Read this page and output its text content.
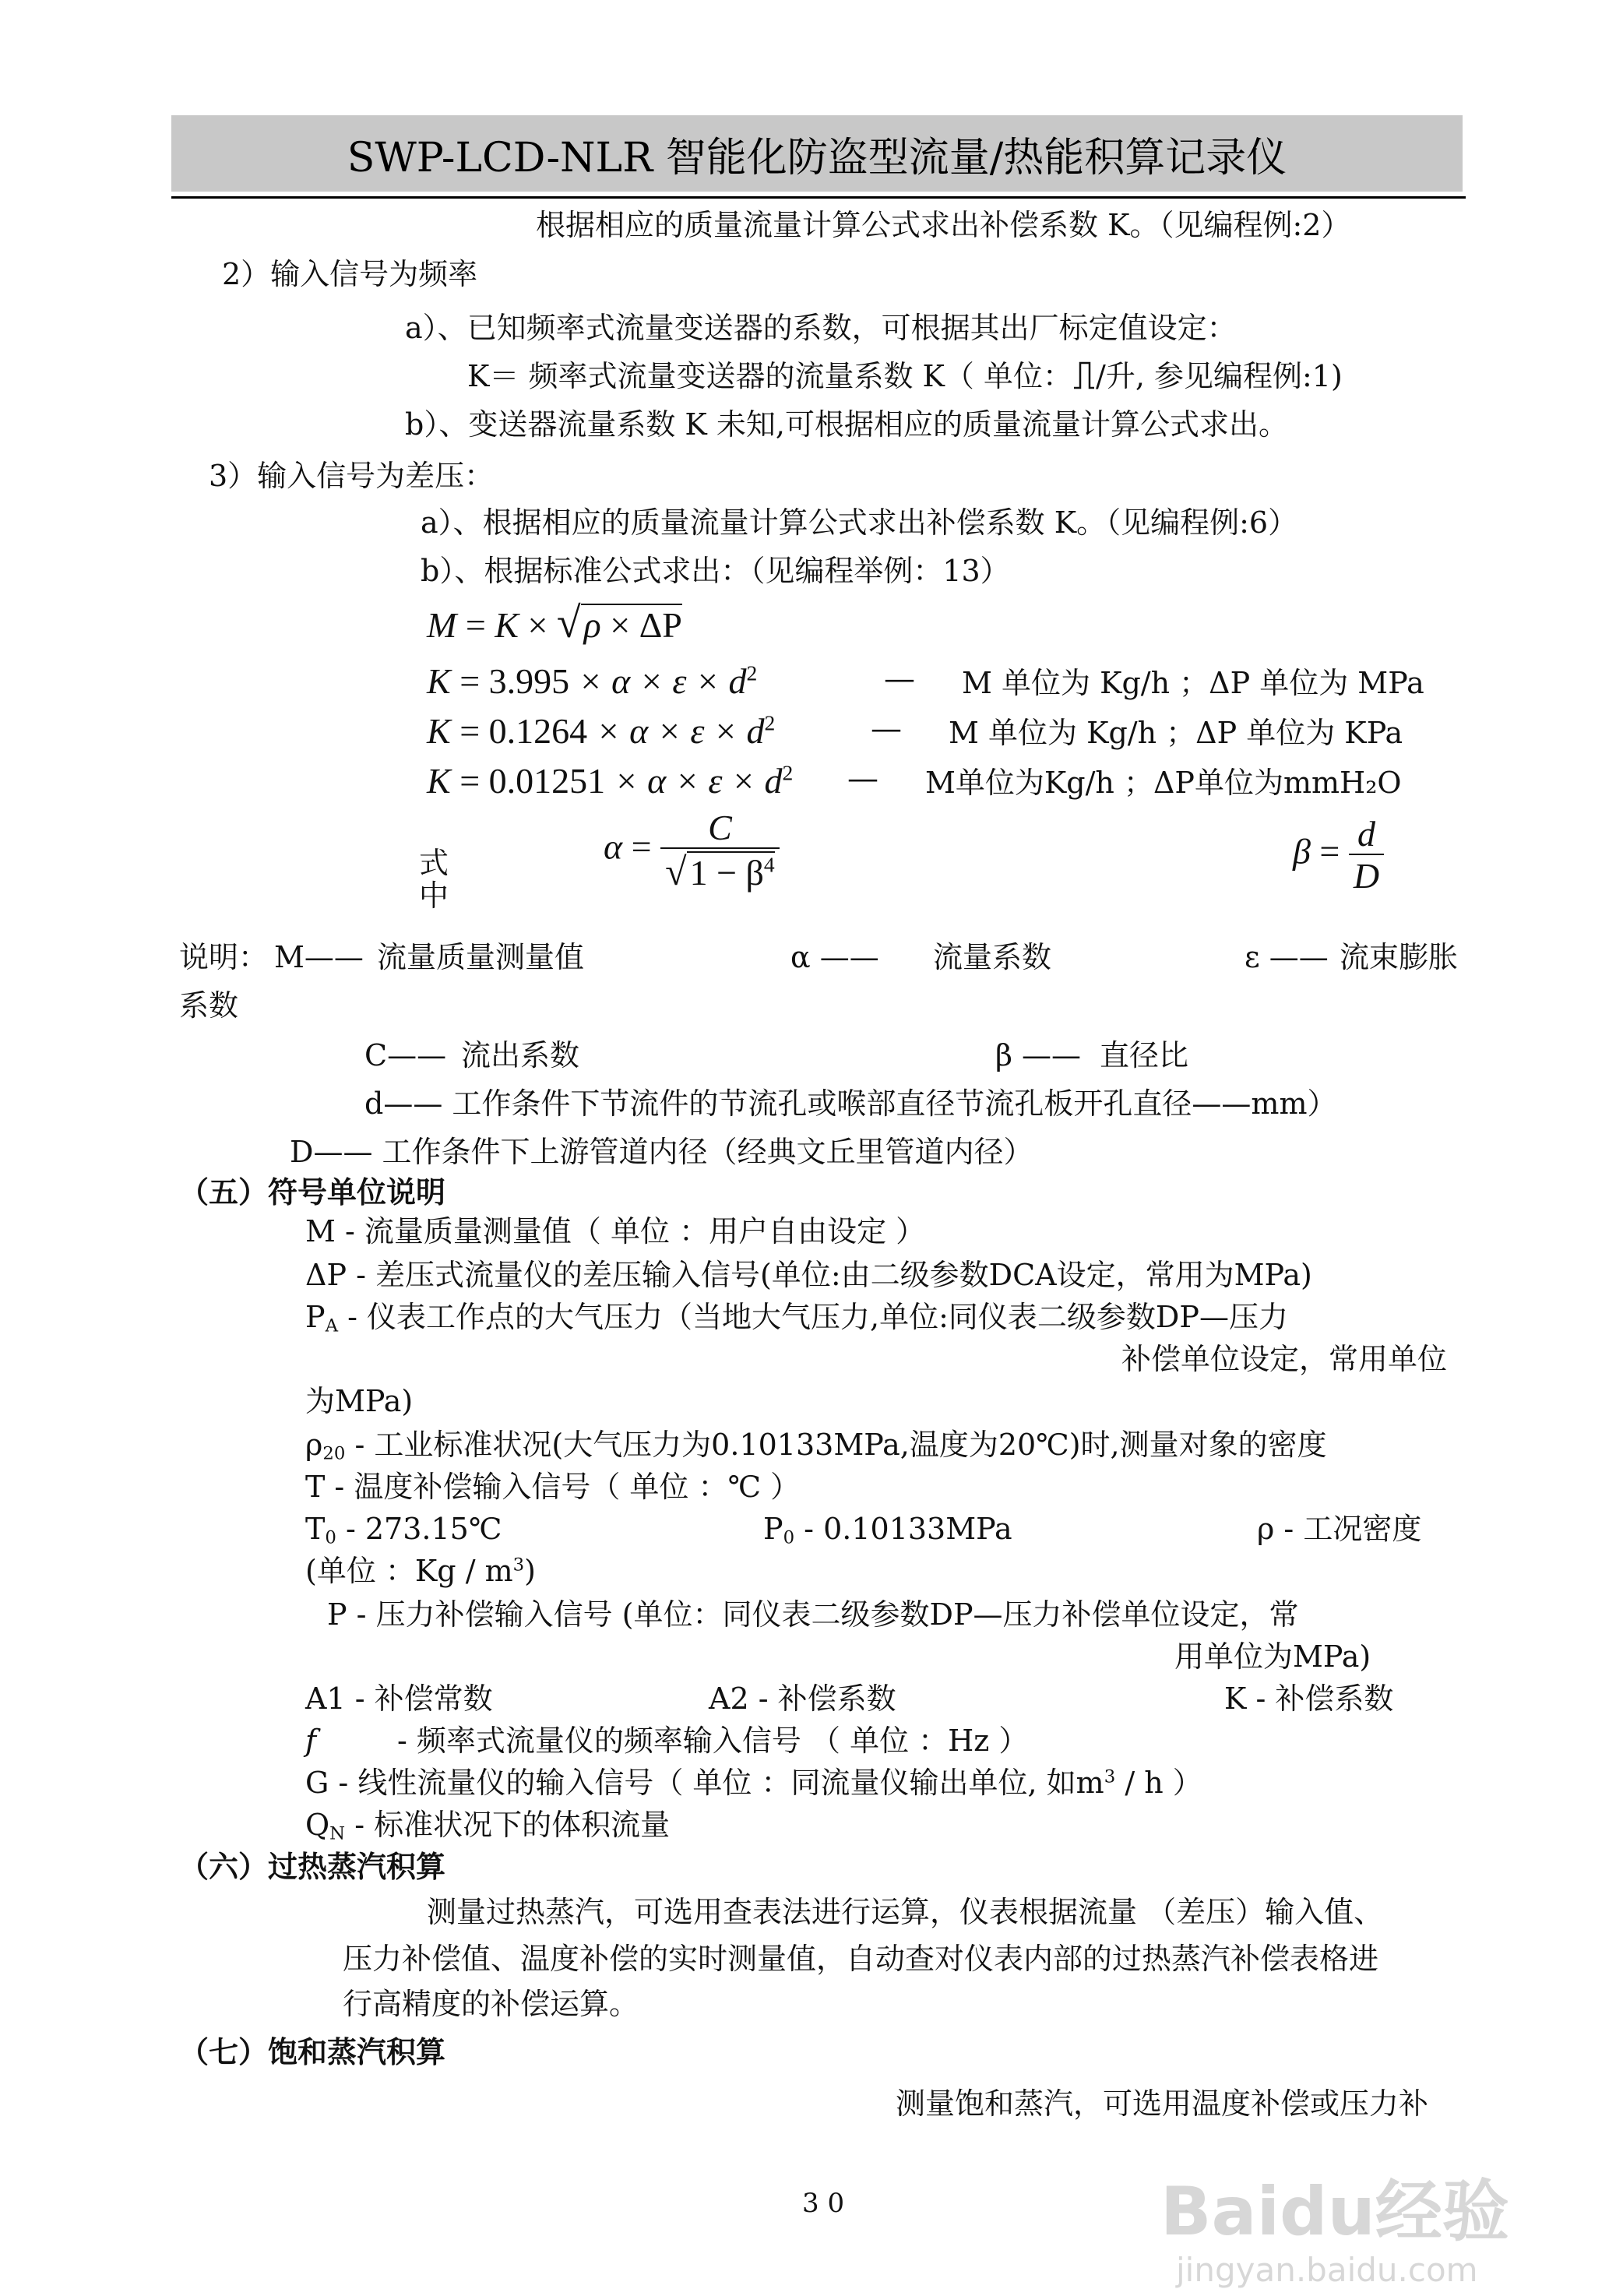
SWP-LCD-NLR 智能化防盗型流量/热能积算记录仪
根据相应的质量流量计算公式求出补偿系数 K。（见编程例:2）
2）输入信号为频率
a）、已知频率式流量变送器的系数，可根据其出厂标定值设定：
K＝ 频率式流量变送器的流量系数 K（ 单位： /升, 参见编程例:1)
b）、变送器流量系数 K 未知,可根据相应的质量流量计算公式求出。
3）输入信号为差压：
a）、根据相应的质量流量计算公式求出补偿系数 K。（见编程例:6）
b）、根据标准公式求出：（见编程举例：13）
M = K × √ρ × ΔP
$K = 3.995 \times \alpha \times \varepsilon \times d^2$	— M 单位为 Kg/h ；ΔP 单位为 MPa
$K = 0.1264 \times \alpha \times \varepsilon \times d^2$	— M 单位为 Kg/h ；ΔP 单位为 KPa
$K = 0.01251 \times \alpha \times \varepsilon \times d^2$ — M单位为Kg/h ；ΔP单位为mmH₂O
式
中
$\alpha = \frac{C}{√1 - \beta^4}$	$\beta = \frac{d}{D}$
说明： M—— 流量质量测量值	α —— 流量系数	ε —— 流束膨胀
系数
C—— 流出系数	β —— 直径比
d—— 工作条件下节流件的节流孔或喉部直径节流孔板开孔直径——mm）
D—— 工作条件下上游管道内径（经典文丘里管道内径）
（五）符号单位说明
M - 流量质量测量值（ 单位 ：用户自由设定 ）
ΔP - 差压式流量仪的差压输入信号(单位:由二级参数DCA设定，常用为MPa)
$P_A$ - 仪表工作点的大气压力（当地大气压力,单位:同仪表二级参数DP—压力
补偿单位设定，常用单位
为MPa)
$\rho_{20}$ - 工业标准状况(大气压力为0.10133MPa,温度为20℃)时,测量对象的密度
T - 温度补偿输入信号（ 单位 ：℃ ）
$T_0$ - 273.15℃	$P_0 - 0.10133MPa$	ρ - 工况密度
(单位 ：Kg / $m^3$)
P - 压力补偿输入信号 (单位：同仪表二级参数DP—压力补偿单位设定，常
用单位为MPa)
A1 - 补偿常数	A2 - 补偿系数	K - 补偿系数
f	- 频率式流量仪的频率输入信号 （ 单位 ：Hz ）
G - 线性流量仪的输入信号（ 单位 ：同流量仪输出单位, 如$m^3$ / h ）
$Q_N$ - 标准状况下的体积流量
（六）过热蒸汽积算
测量过热蒸汽，可选用查表法进行运算，仪表根据流量 （差压）输入值、
压力补偿值、温度补偿的实时测量值，自动查对仪表内部的过热蒸汽补偿表格进
行高精度的补偿运算。
（七）饱和蒸汽积算
测量饱和蒸汽，可选用温度补偿或压力补
3 0	Baidu经验
jingyan.baidu.com
